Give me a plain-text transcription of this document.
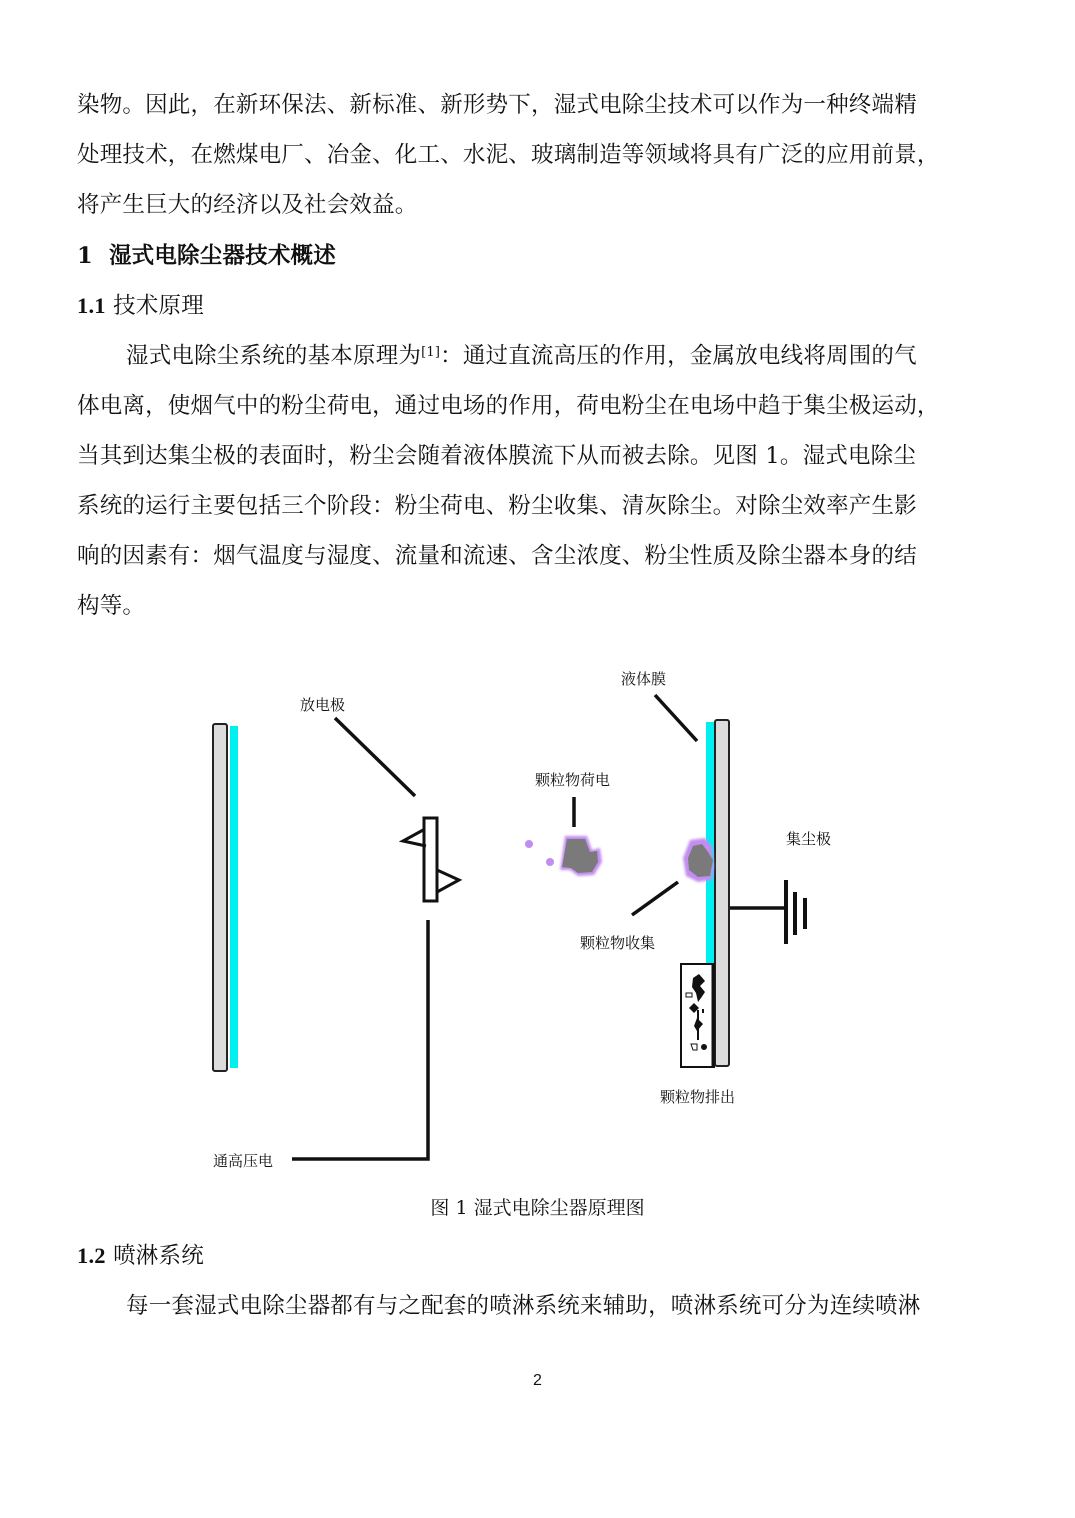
染物。因此，在新环保法、新标准、新形势下，湿式电除尘技术可以作为一种终端精
处理技术，在燃煤电厂、冶金、化工、水泥、玻璃制造等领域将具有广泛的应用前景，
将产生巨大的经济以及社会效益。
1 湿式电除尘器技术概述
1.1 技术原理
湿式电除尘系统的基本原理为[1]：通过直流高压的作用，金属放电线将周围的气
体电离，使烟气中的粉尘荷电，通过电场的作用，荷电粉尘在电场中趋于集尘极运动，
当其到达集尘极的表面时，粉尘会随着液体膜流下从而被去除。见图 1。湿式电除尘
系统的运行主要包括三个阶段：粉尘荷电、粉尘收集、清灰除尘。对除尘效率产生影
响的因素有：烟气温度与湿度、流量和流速、含尘浓度、粉尘性质及除尘器本身的结
构等。
放电极
液体膜
颗粒物荷电
集尘极
颗粒物收集
颗粒物排出
通高压电
图 1 湿式电除尘器原理图
1.2 喷淋系统
每一套湿式电除尘器都有与之配套的喷淋系统来辅助，喷淋系统可分为连续喷淋
2
